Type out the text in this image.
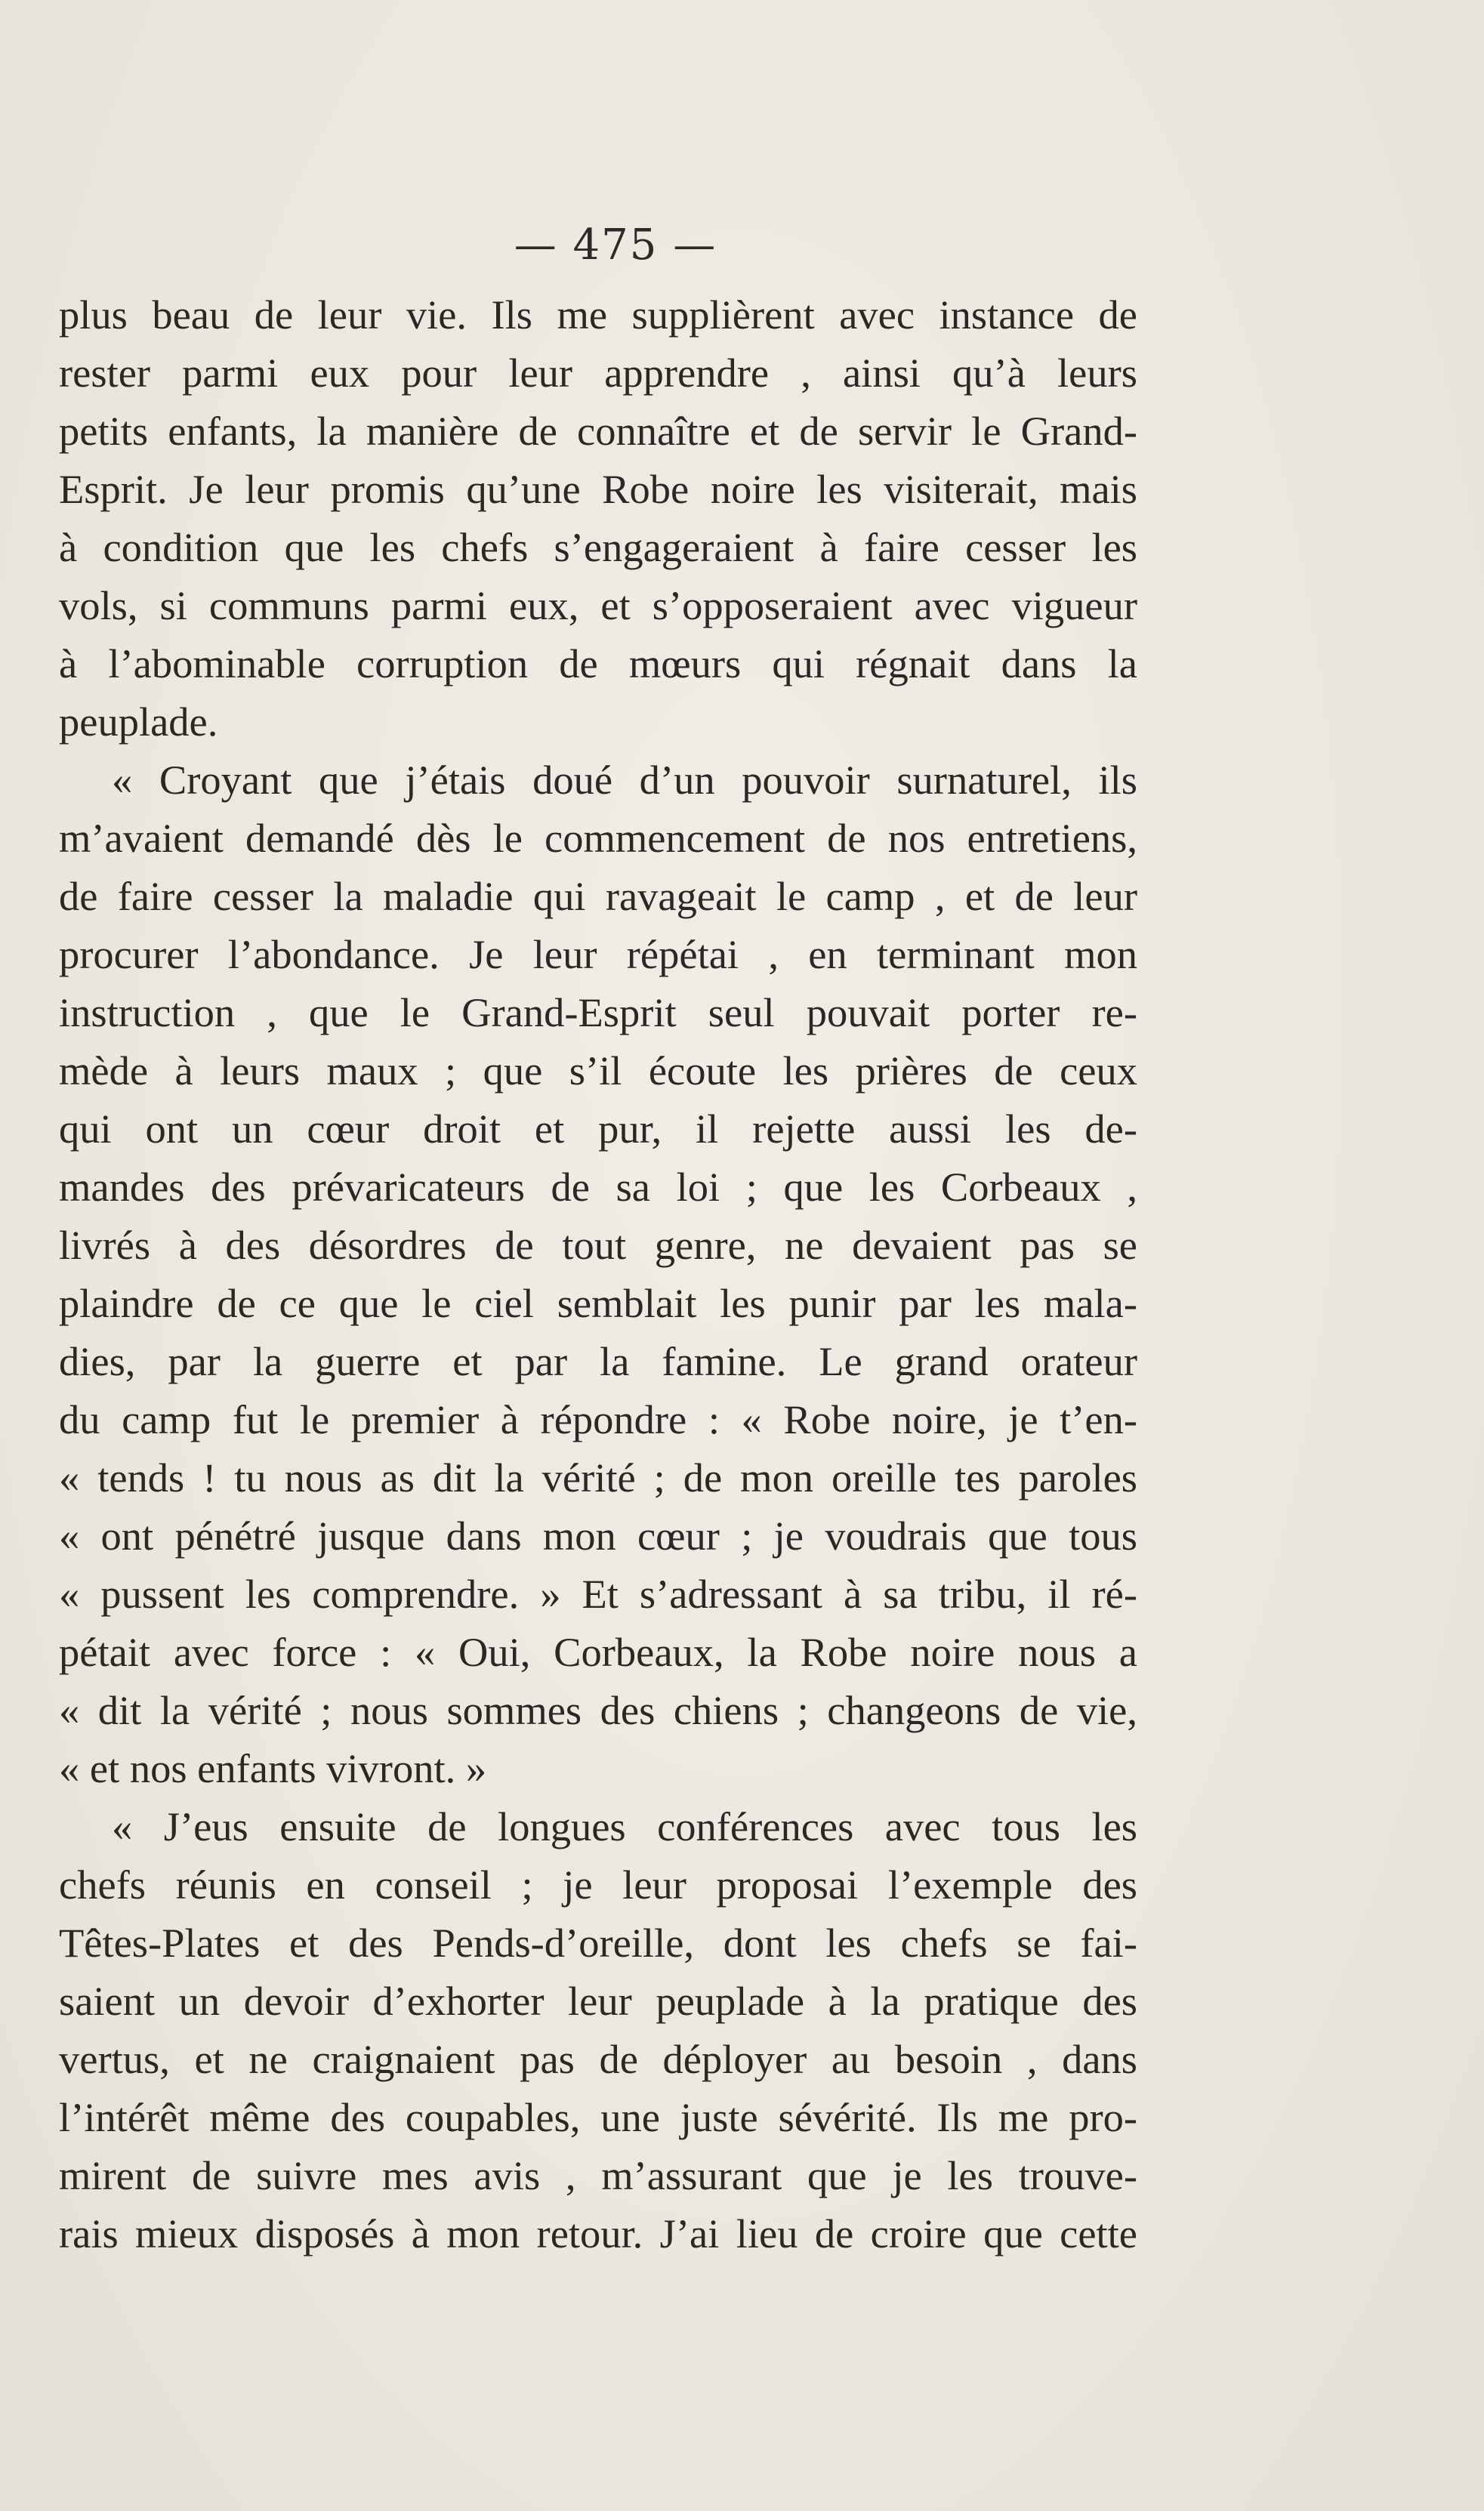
— 475 —
plus beau de leur vie. Ils me supplièrent avec instance de
rester parmi eux pour leur apprendre , ainsi qu’à leurs
petits enfants, la manière de connaître et de servir le Grand-
Esprit. Je leur promis qu’une Robe noire les visiterait, mais
à condition que les chefs s’engageraient à faire cesser les
vols, si communs parmi eux, et s’opposeraient avec vigueur
à l’abominable corruption de mœurs qui régnait dans la
peuplade.
« Croyant que j’étais doué d’un pouvoir surnaturel, ils
m’avaient demandé dès le commencement de nos entretiens,
de faire cesser la maladie qui ravageait le camp , et de leur
procurer l’abondance. Je leur répétai , en terminant mon
instruction , que le Grand-Esprit seul pouvait porter re-
mède à leurs maux ; que s’il écoute les prières de ceux
qui ont un cœur droit et pur, il rejette aussi les de-
mandes des prévaricateurs de sa loi ; que les Corbeaux ,
livrés à des désordres de tout genre, ne devaient pas se
plaindre de ce que le ciel semblait les punir par les mala-
dies, par la guerre et par la famine. Le grand orateur
du camp fut le premier à répondre : « Robe noire, je t’en-
« tends ! tu nous as dit la vérité ; de mon oreille tes paroles
« ont pénétré jusque dans mon cœur ; je voudrais que tous
« pussent les comprendre. » Et s’adressant à sa tribu, il ré-
pétait avec force : « Oui, Corbeaux, la Robe noire nous a
« dit la vérité ; nous sommes des chiens ; changeons de vie,
« et nos enfants vivront. »
« J’eus ensuite de longues conférences avec tous les
chefs réunis en conseil ; je leur proposai l’exemple des
Têtes-Plates et des Pends-d’oreille, dont les chefs se fai-
saient un devoir d’exhorter leur peuplade à la pratique des
vertus, et ne craignaient pas de déployer au besoin , dans
l’intérêt même des coupables, une juste sévérité. Ils me pro-
mirent de suivre mes avis , m’assurant que je les trouve-
rais mieux disposés à mon retour. J’ai lieu de croire que cette
